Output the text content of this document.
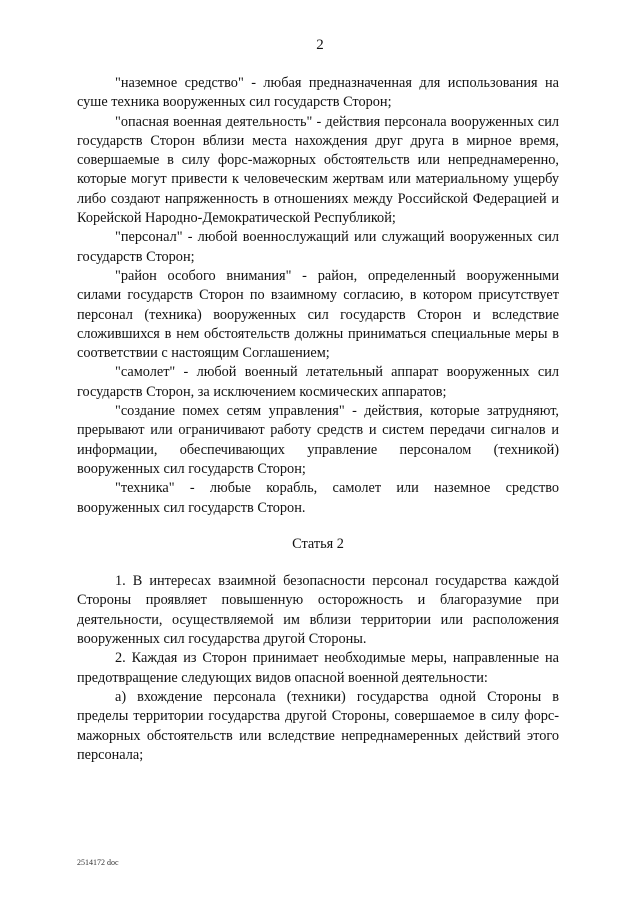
2

"наземное средство" - любая предназначенная для использования на суше техника вооруженных сил государств Сторон;

"опасная военная деятельность" - действия персонала вооруженных сил государств Сторон вблизи места нахождения друг друга в мирное время, совершаемые в силу форс-мажорных обстоятельств или непреднамеренно, которые могут привести к человеческим жертвам или материальному ущербу либо создают напряженность в отношениях между Российской Федерацией и Корейской Народно-Демократической Республикой;

"персонал" - любой военнослужащий или служащий вооруженных сил государств Сторон;

"район особого внимания" - район, определенный вооруженными силами государств Сторон по взаимному согласию, в котором присутствует персонал (техника) вооруженных сил государств Сторон и вследствие сложившихся в нем обстоятельств должны приниматься специальные меры в соответствии с настоящим Соглашением;

"самолет" - любой военный летательный аппарат вооруженных сил государств Сторон, за исключением космических аппаратов;

"создание помех сетям управления" - действия, которые затрудняют, прерывают или ограничивают работу средств и систем передачи сигналов и информации, обеспечивающих управление персоналом (техникой) вооруженных сил государств Сторон;

"техника" - любые корабль, самолет или наземное средство вооруженных сил государств Сторон.

Статья 2

1. В интересах взаимной безопасности персонал государства каждой Стороны проявляет повышенную осторожность и благоразумие при деятельности, осуществляемой им вблизи территории или расположения вооруженных сил государства другой Стороны.

2. Каждая из Сторон принимает необходимые меры, направленные на предотвращение следующих видов опасной военной деятельности:

а) вхождение персонала (техники) государства одной Стороны в пределы территории государства другой Стороны, совершаемое в силу форс-мажорных обстоятельств или вследствие непреднамеренных действий этого персонала;

2514172 doc
